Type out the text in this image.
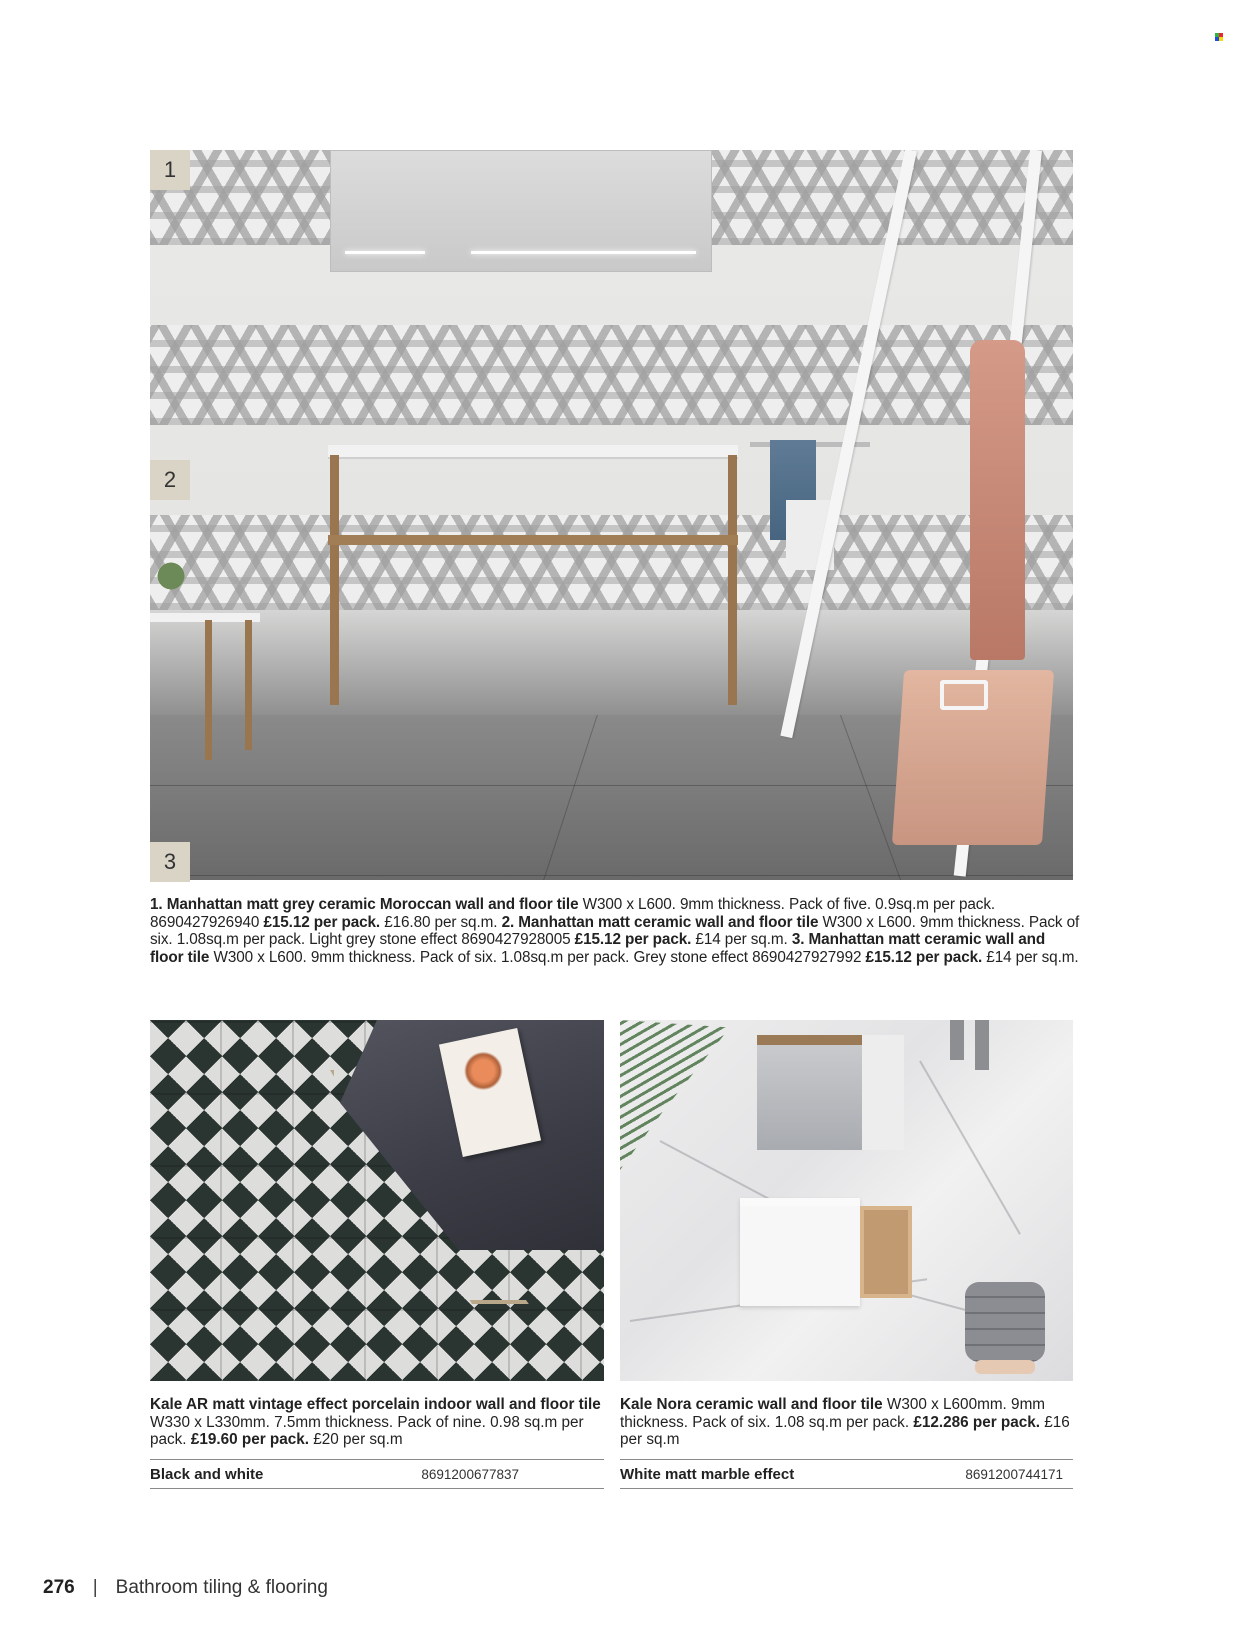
1
2
3
1. Manhattan matt grey ceramic Moroccan wall and floor tile W300 x L600. 9mm thickness. Pack of five. 0.9sq.m per pack. 8690427926940 £15.12 per pack. £16.80 per sq.m. 2. Manhattan matt ceramic wall and floor tile W300 x L600. 9mm thickness. Pack of six. 1.08sq.m per pack. Light grey stone effect 8690427928005 £15.12 per pack. £14 per sq.m. 3. Manhattan matt ceramic wall and floor tile W300 x L600. 9mm thickness. Pack of six. 1.08sq.m per pack. Grey stone effect 8690427927992 £15.12 per pack. £14 per sq.m.
Kale AR matt vintage effect porcelain indoor wall and floor tile W330 x L330mm. 7.5mm thickness. Pack of nine. 0.98 sq.m per pack. £19.60 per pack. £20 per sq.m
Kale Nora ceramic wall and floor tile W300 x L600mm. 9mm thickness. Pack of six. 1.08 sq.m per pack. £12.286 per pack. £16 per sq.m
Black and white	8691200677837	White matt marble effect	8691200744171
276 | Bathroom tiling & flooring
